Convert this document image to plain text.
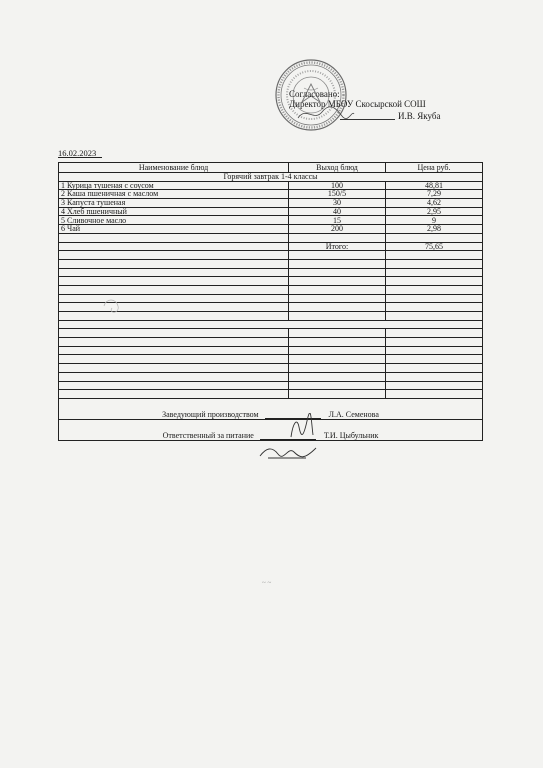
Согласовано:
Директор МБОУ Скосырской СОШ
И.В. Якуба
16.02.2023
Наименование блюд	Выход блюд	Цена руб.
Горячий завтрак 1-4 классы		
1 Курица тушеная с соусом	100	48,81
2 Каша пшеничная с маслом	150/5	7,29
3 Капуста тушеная	30	4,62
4 Хлеб пшеничный	40	2,95
5 Сливочное масло	15	9
6 Чай	200	2,98

	Итого:	75,65

Заведующий производством Л.А. Семенова		
Ответственный за питание Т.И. Цыбульник		
~ ~
